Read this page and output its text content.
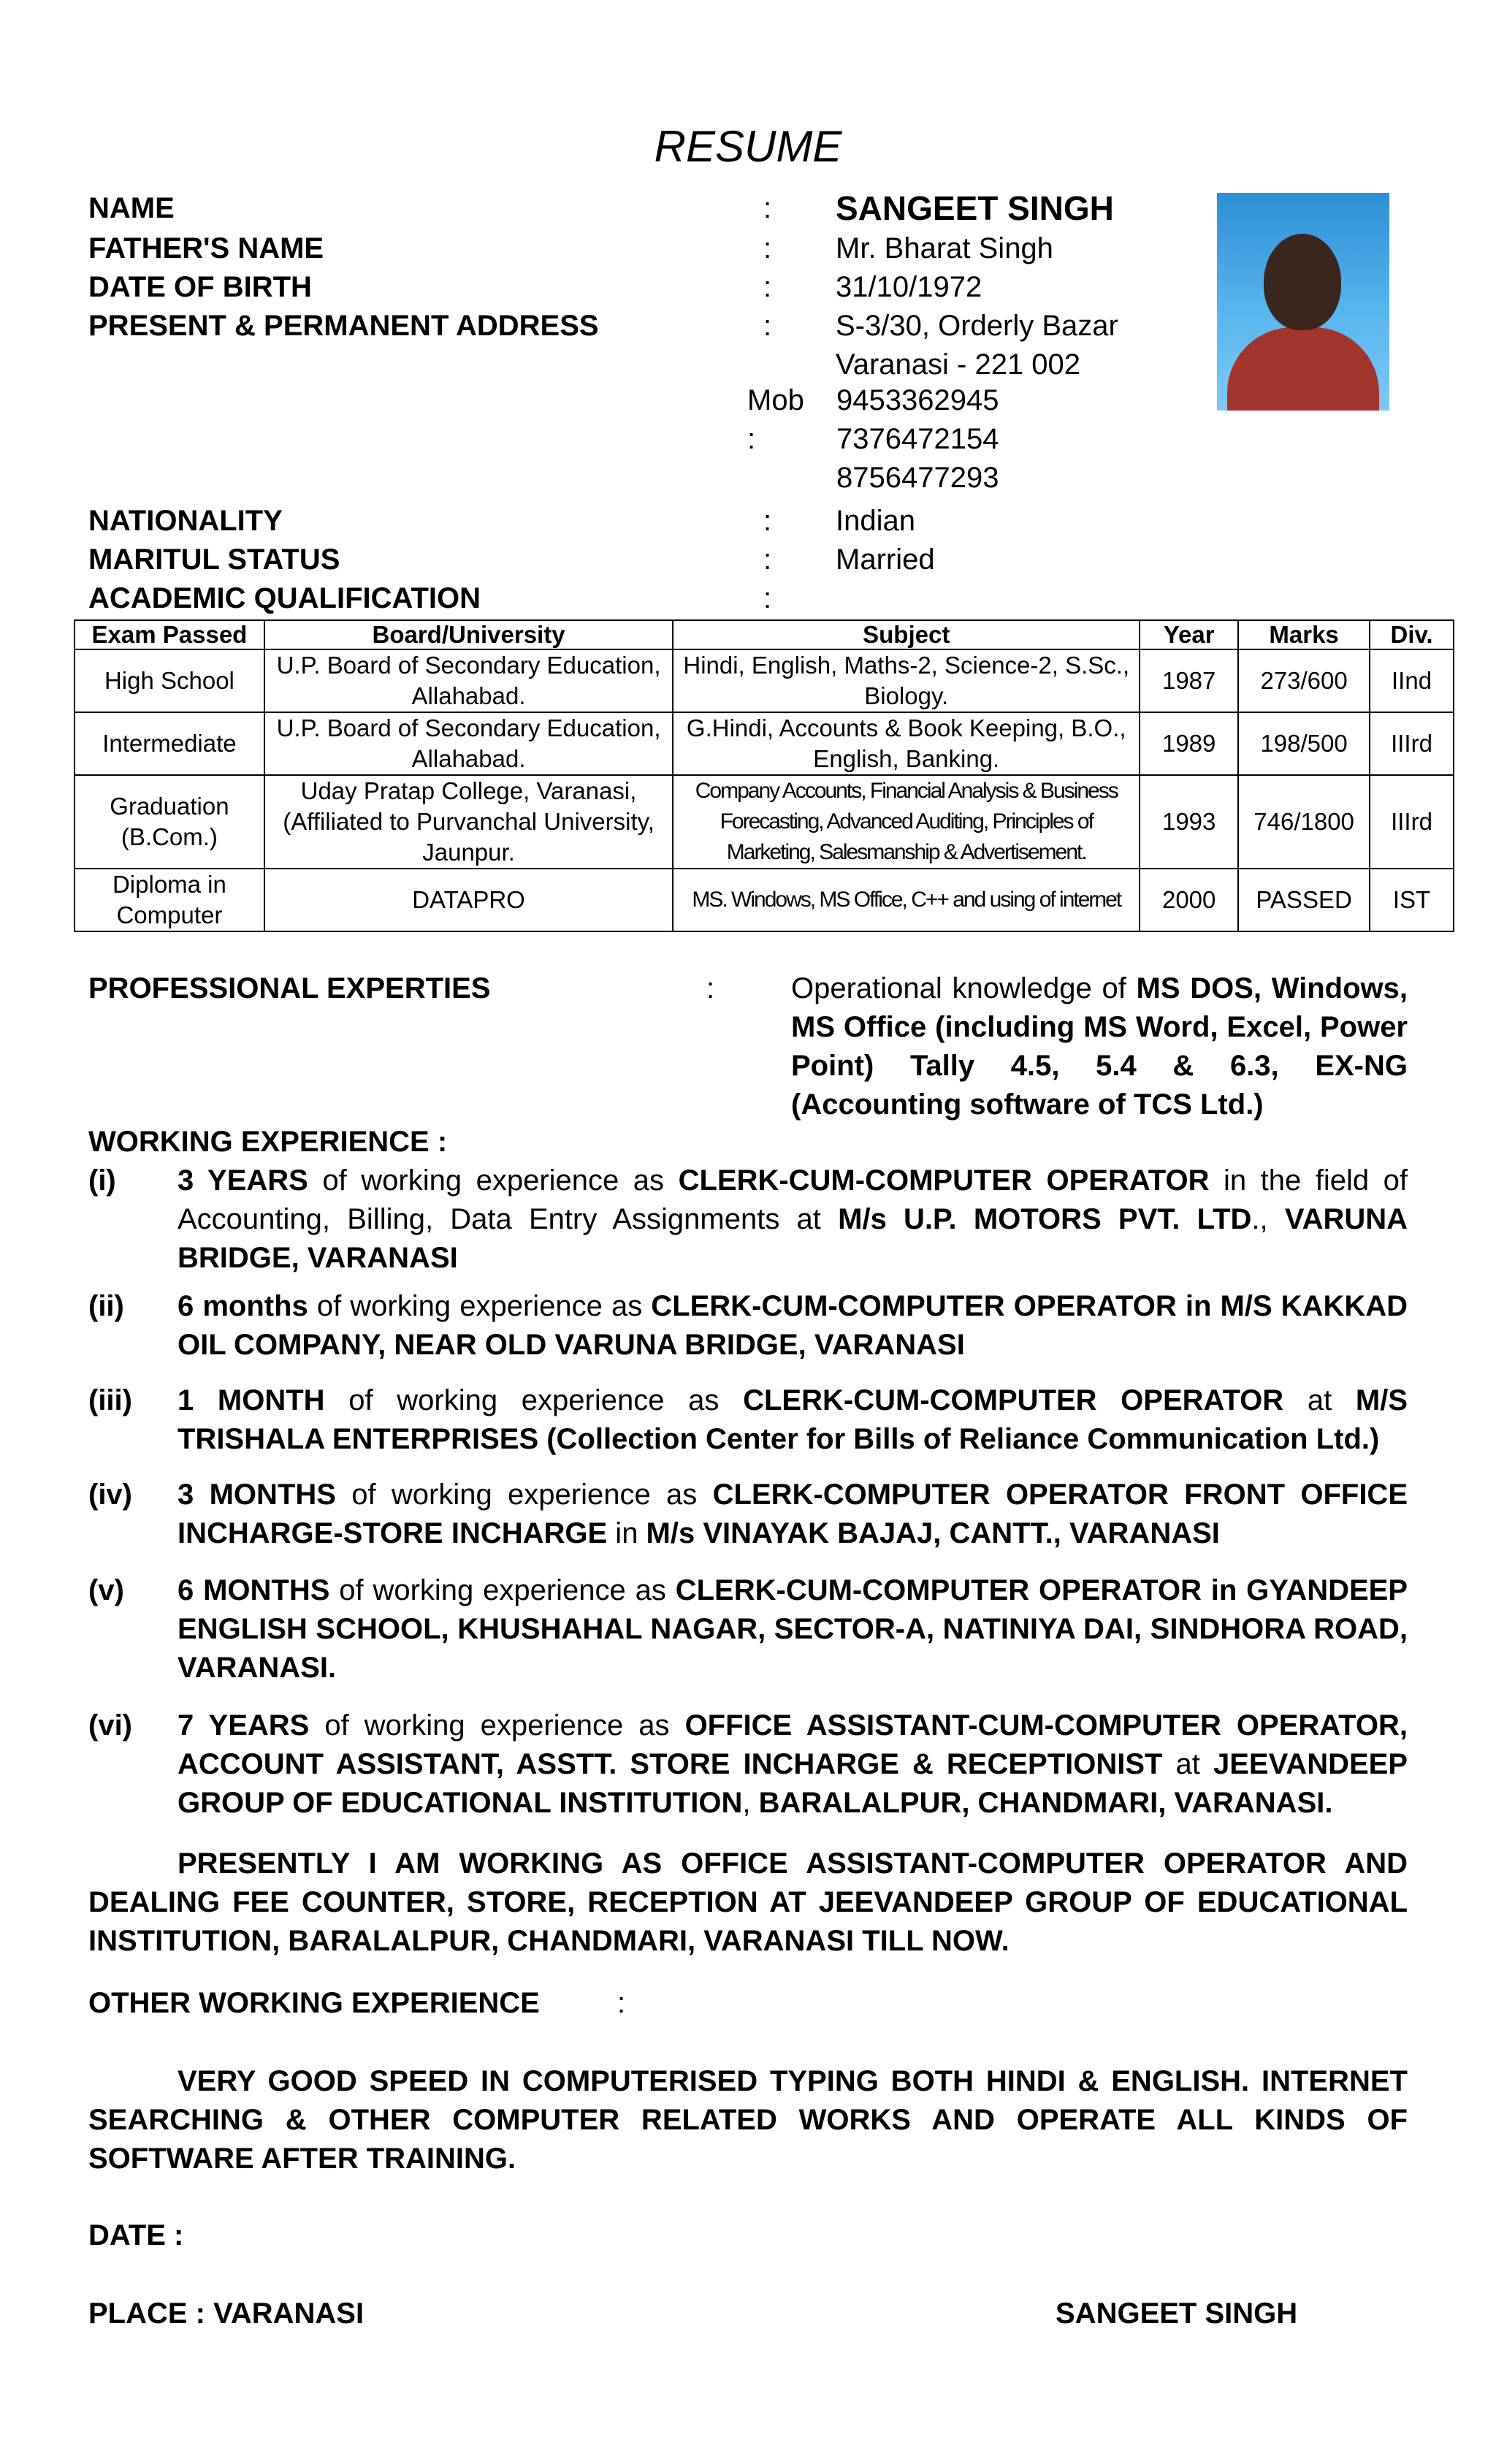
RESUME
NAME	: SANGEET SINGH
FATHER'S NAME	: Mr. Bharat Singh
DATE OF BIRTH	: 31/10/1972
PRESENT & PERMANENT ADDRESS	: S-3/30, Orderly Bazar
Varanasi - 221 002
Mob :
9453362945
7376472154
8756477293
NATIONALITY	: Indian
MARITUL STATUS	: Married
ACADEMIC QUALIFICATION	:
Exam Passed	Board/University	Subject	Year	Marks	Div.
High School	U.P. Board of Secondary Education, Allahabad.	Hindi, English, Maths-2, Science-2, S.Sc., Biology.	1987	273/600	IInd
Intermediate	U.P. Board of Secondary Education, Allahabad.	G.Hindi, Accounts & Book Keeping, B.O., English, Banking.	1989	198/500	IIIrd
Graduation (B.Com.)	Uday Pratap College, Varanasi, (Affiliated to Purvanchal University, Jaunpur.	Company Accounts, Financial Analysis & Business Forecasting, Advanced Auditing, Principles of Marketing, Salesmanship & Advertisement.	1993	746/1800	IIIrd
Diploma in Computer	DATAPRO	MS. Windows, MS Office, C++ and using of internet	2000	PASSED	IST
PROFESSIONAL EXPERTIES	:	Operational knowledge of MS DOS, Windows, MS Office (including MS Word, Excel, Power Point) Tally 4.5, 5.4 & 6.3, EX-NG (Accounting software of TCS Ltd.)
WORKING EXPERIENCE :
(i) 3 YEARS of working experience as CLERK-CUM-COMPUTER OPERATOR in the field of Accounting, Billing, Data Entry Assignments at M/s U.P. MOTORS PVT. LTD., VARUNA BRIDGE, VARANASI
(ii) 6 months of working experience as CLERK-CUM-COMPUTER OPERATOR in M/S KAKKAD OIL COMPANY, NEAR OLD VARUNA BRIDGE, VARANASI
(iii) 1 MONTH of working experience as CLERK-CUM-COMPUTER OPERATOR at M/S TRISHALA ENTERPRISES (Collection Center for Bills of Reliance Communication Ltd.)
(iv) 3 MONTHS of working experience as CLERK-COMPUTER OPERATOR FRONT OFFICE INCHARGE-STORE INCHARGE in M/s VINAYAK BAJAJ, CANTT., VARANASI
(v) 6 MONTHS of working experience as CLERK-CUM-COMPUTER OPERATOR in GYANDEEP ENGLISH SCHOOL, KHUSHAHAL NAGAR, SECTOR-A, NATINIYA DAI, SINDHORA ROAD, VARANASI.
(vi) 7 YEARS of working experience as OFFICE ASSISTANT-CUM-COMPUTER OPERATOR, ACCOUNT ASSISTANT, ASSTT. STORE INCHARGE & RECEPTIONIST at JEEVANDEEP GROUP OF EDUCATIONAL INSTITUTION, BARALALPUR, CHANDMARI, VARANASI.
PRESENTLY I AM WORKING AS OFFICE ASSISTANT-COMPUTER OPERATOR AND DEALING FEE COUNTER, STORE, RECEPTION AT JEEVANDEEP GROUP OF EDUCATIONAL INSTITUTION, BARALALPUR, CHANDMARI, VARANASI TILL NOW.
OTHER WORKING EXPERIENCE	:
VERY GOOD SPEED IN COMPUTERISED TYPING BOTH HINDI & ENGLISH. INTERNET SEARCHING & OTHER COMPUTER RELATED WORKS AND OPERATE ALL KINDS OF SOFTWARE AFTER TRAINING.
DATE :
PLACE : VARANASI	SANGEET SINGH
